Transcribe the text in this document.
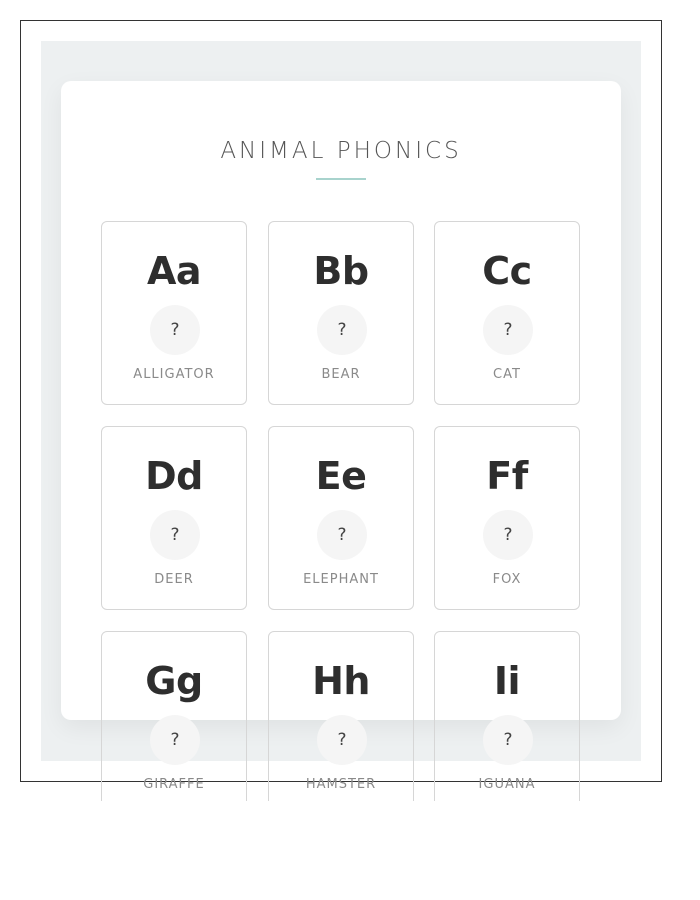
ANIMAL PHONICS
Aa
?
ALLIGATOR
Bb
?
BEAR
Cc
?
CAT
Dd
?
DEER
Ee
?
ELEPHANT
Ff
?
FOX
Gg
?
GIRAFFE
Hh
?
HAMSTER
Ii
?
IGUANA
